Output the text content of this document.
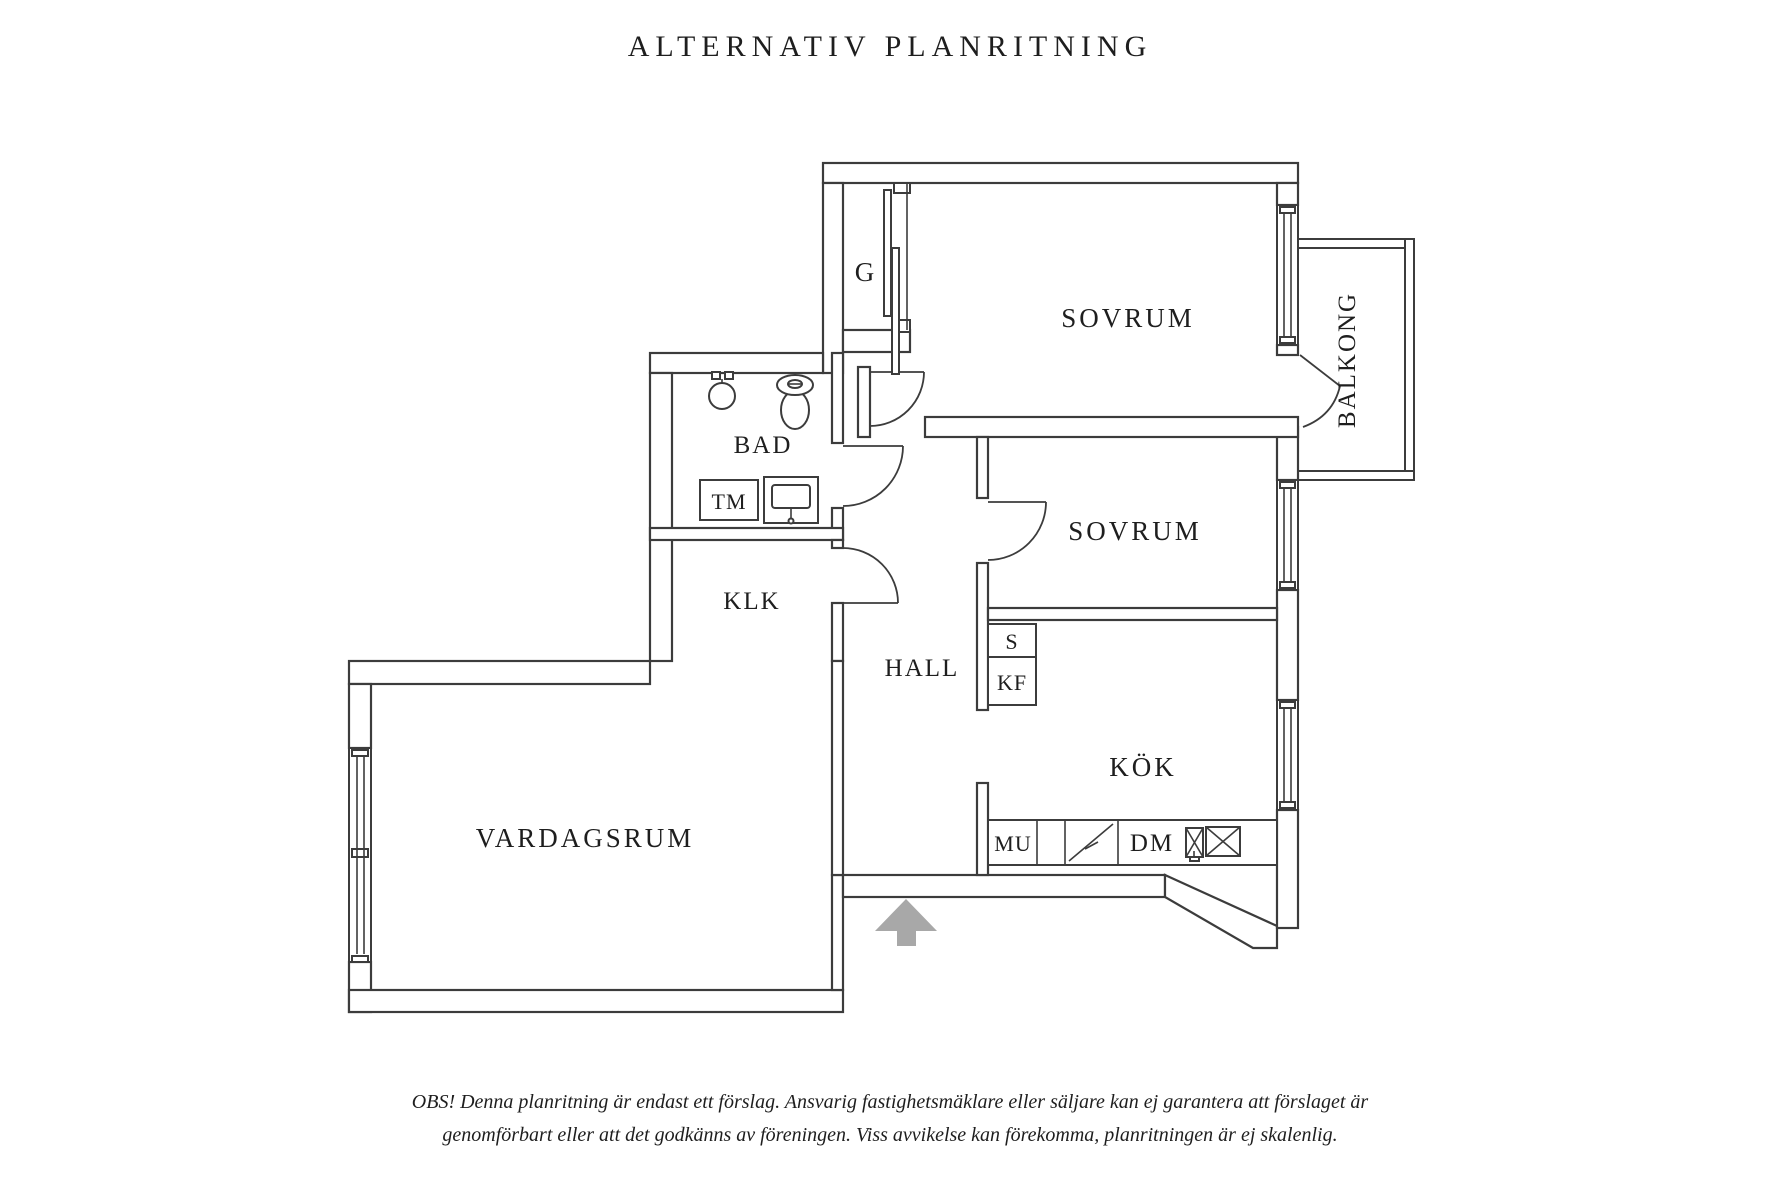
ALTERNATIV PLANRITNING
G
SOVRUM
SOVRUM
BALKONG
BAD
TM
KLK
HALL
S
KF
KÖK
MU	DM
VARDAGSRUM
OBS! Denna planritning är endast ett förslag. Ansvarig fastighetsmäklare eller säljare kan ej garantera att förslaget är
genomförbart eller att det godkänns av föreningen. Viss avvikelse kan förekomma, planritningen är ej skalenlig.
